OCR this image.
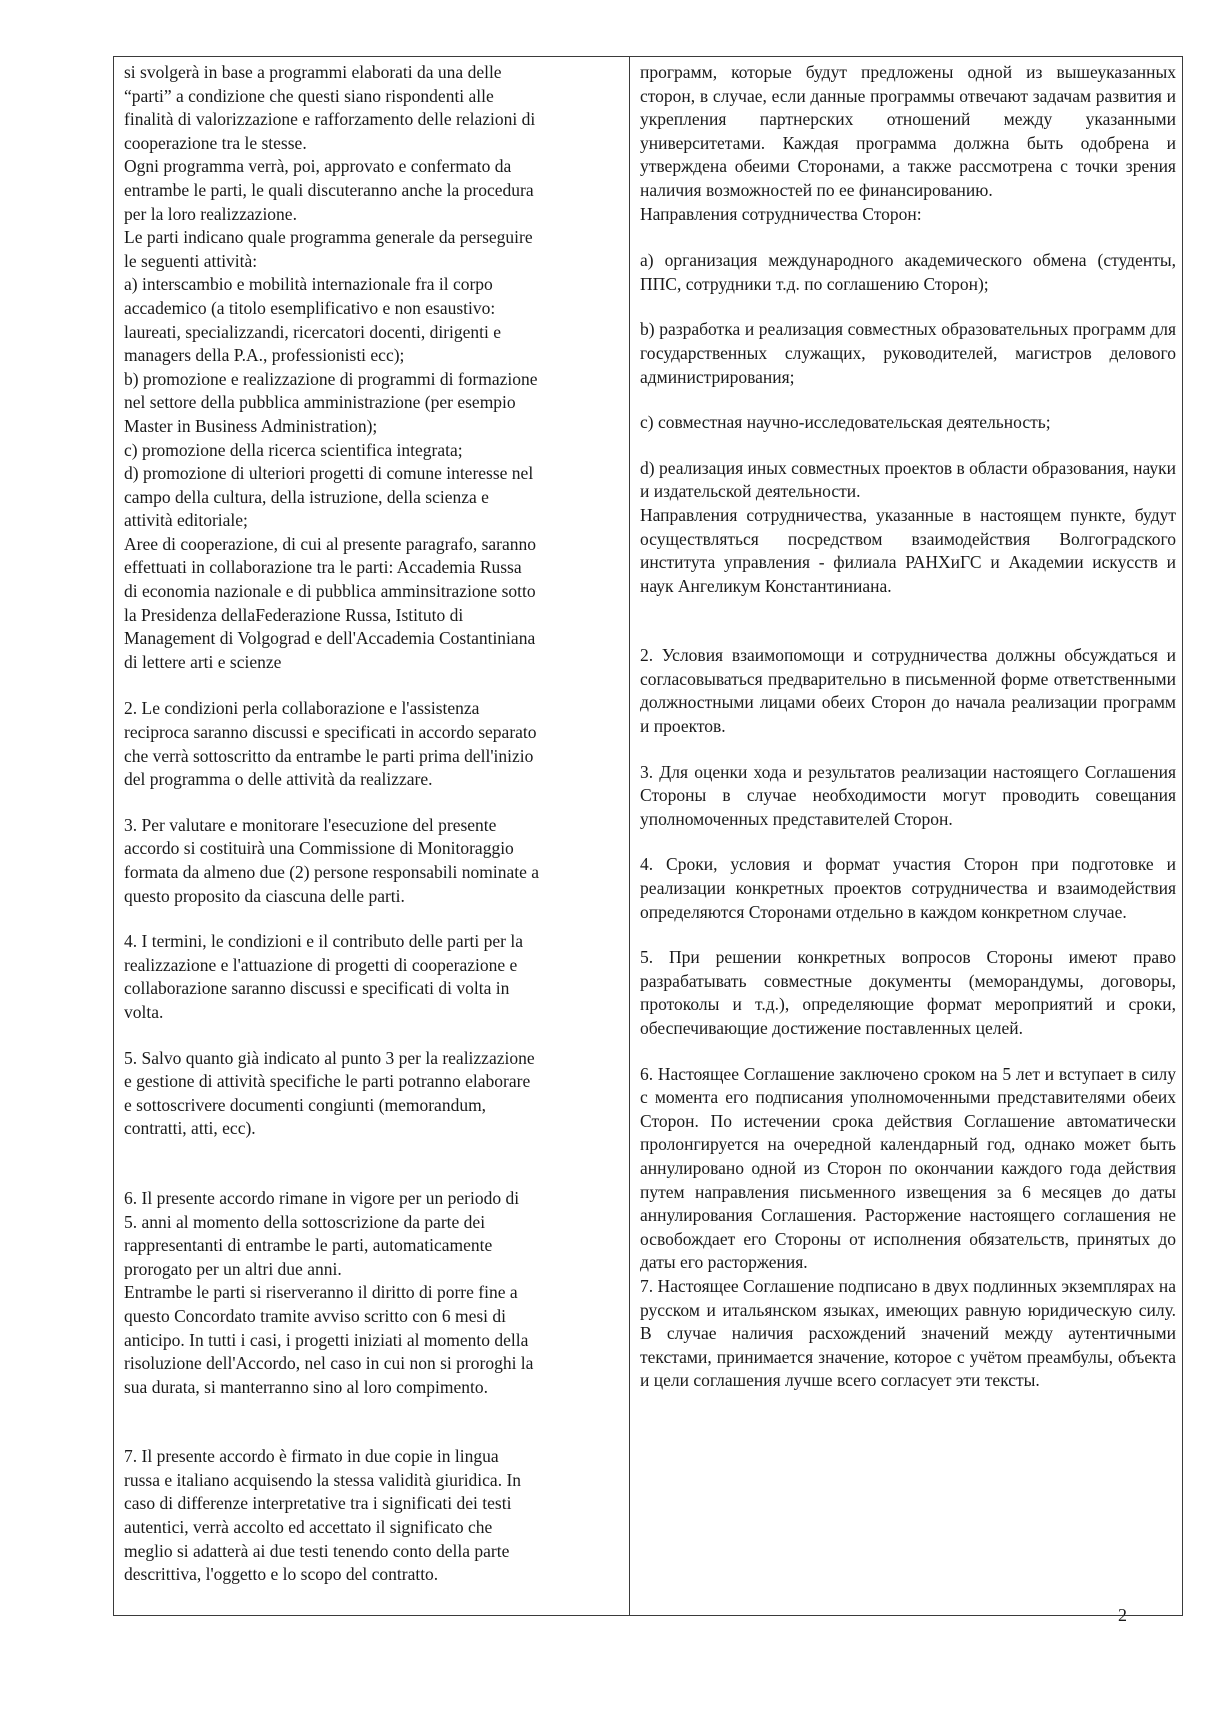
si svolgerà in base a programmi elaborati da una delle
“parti” a condizione che questi siano rispondenti alle
finalità di valorizzazione e rafforzamento delle relazioni di
cooperazione tra le stesse.
Ogni programma verrà, poi, approvato e confermato da
entrambe le parti, le quali discuteranno anche la procedura
per la loro realizzazione.
Le parti indicano quale programma generale da perseguire
le seguenti attività:
a) interscambio e mobilità internazionale fra il corpo
accademico (a titolo esemplificativo e non esaustivo:
laureati, specializzandi, ricercatori docenti, dirigenti e
managers della P.A., professionisti ecc);
b) promozione e realizzazione di programmi di formazione
nel settore della pubblica amministrazione (per esempio
Master in Business Administration);
c) promozione della ricerca scientifica integrata;
d) promozione di ulteriori progetti di comune interesse nel
campo della cultura, della istruzione, della scienza e
attività editoriale;
Aree di cooperazione, di cui al presente paragrafo, saranno
effettuati in collaborazione tra le parti: Accademia Russa
di economia nazionale e di pubblica amminsitrazione sotto
la Presidenza dellaFederazione Russa, Istituto di
Management di Volgograd e dell'Accademia Costantiniana
di lettere arti e scienze

2. Le condizioni perla collaborazione e l'assistenza
reciproca saranno discussi e specificati in accordo separato
che verrà sottoscritto da entrambe le parti prima dell'inizio
del programma o delle attività da realizzare.

3. Per valutare e monitorare l'esecuzione del presente
accordo si costituirà una Commissione di Monitoraggio
formata da almeno due (2) persone responsabili nominate a
questo proposito da ciascuna delle parti.

4. I termini, le condizioni e il contributo delle parti per la
realizzazione e l'attuazione di progetti di cooperazione e
collaborazione saranno discussi e specificati di volta in
volta.

5. Salvo quanto già indicato al punto 3 per la realizzazione
e gestione di attività specifiche le parti potranno elaborare
e sottoscrivere documenti congiunti (memorandum,
contratti, atti, ecc).

6. Il presente accordo rimane in vigore per un periodo di
5. anni al momento della sottoscrizione da parte dei
rappresentanti di entrambe le parti, automaticamente
prorogato per un altri due anni.
Entrambe le parti si riserveranno il diritto di porre fine a
questo Concordato tramite avviso scritto con 6 mesi di
anticipo. In tutti i casi, i progetti iniziati al momento della
risoluzione dell'Accordo, nel caso in cui non si proroghi la
sua durata, si manterranno sino al loro compimento.

7. Il presente accordo è firmato in due copie in lingua
russa e italiano acquisendo la stessa validità giuridica. In
caso di differenze interpretative tra i significati dei testi
autentici, verrà accolto ed accettato il significato che
meglio si adatterà ai due testi tenendo conto della parte
descrittiva, l'oggetto e lo scopo del contratto.

программ, которые будут предложены одной из вышеуказанных сторон, в случае, если данные программы отвечают задачам развития и укрепления партнерских отношений между указанными университетами. Каждая программа должна быть одобрена и утверждена обеими Сторонами, а также рассмотрена с точки зрения наличия возможностей по ее финансированию.

Направления сотрудничества Сторон:

а) организация международного академического обмена (студенты, ППС, сотрудники т.д. по соглашению Сторон);

b) разработка и реализация совместных образовательных программ для государственных служащих, руководителей, магистров делового администрирования;

с) совместная научно-исследовательская деятельность;

d) реализация иных совместных проектов в области образования, науки и издательской деятельности.

Направления сотрудничества, указанные в настоящем пункте, будут осуществляться посредством взаимодействия Волгоградского института управления - филиала РАНХиГС и Академии искусств и наук Ангеликум Константиниана.

2. Условия взаимопомощи и сотрудничества должны обсуждаться и согласовываться предварительно в письменной форме ответственными должностными лицами обеих Сторон до начала реализации программ и проектов.

3. Для оценки хода и результатов реализации настоящего Соглашения Стороны в случае необходимости могут проводить совещания уполномоченных представителей Сторон.

4. Сроки, условия и формат участия Сторон при подготовке и реализации конкретных проектов сотрудничества и взаимодействия определяются Сторонами отдельно в каждом конкретном случае.

5. При решении конкретных вопросов Стороны имеют право разрабатывать совместные документы (меморандумы, договоры, протоколы и т.д.), определяющие формат мероприятий и сроки, обеспечивающие достижение поставленных целей.

6. Настоящее Соглашение заключено сроком на 5 лет и вступает в силу с момента его подписания уполномоченными представителями обеих Сторон. По истечении срока действия Соглашение автоматически пролонгируется на очередной календарный год, однако может быть аннулировано одной из Сторон по окончании каждого года действия путем направления письменного извещения за 6 месяцев до даты аннулирования Соглашения. Расторжение настоящего соглашения не освобождает его Стороны от исполнения обязательств, принятых до даты его расторжения.

7. Настоящее Соглашение подписано в двух подлинных экземплярах на русском и итальянском языках, имеющих равную юридическую силу. В случае наличия расхождений значений между аутентичными текстами, принимается значение, которое с учётом преамбулы, объекта и цели соглашения лучше всего согласует эти тексты.

2
